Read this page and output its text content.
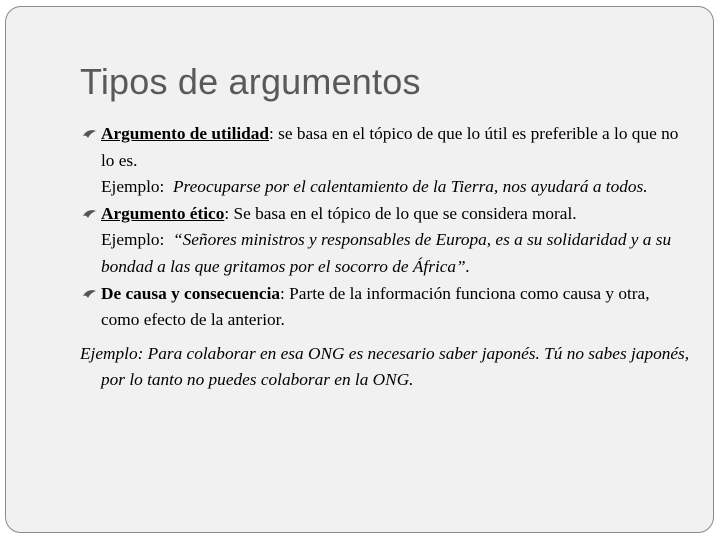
Tipos de argumentos

Argumento de utilidad: se basa en el tópico de que lo útil es preferible a lo que no lo es.

Ejemplo: Preocuparse por el calentamiento de la Tierra, nos ayudará a todos.

Argumento ético: Se basa en el tópico de lo que se considera moral.

Ejemplo: “Señores ministros y responsables de Europa, es a su solidaridad y a su bondad a las que gritamos por el socorro de África”.

De causa y consecuencia: Parte de la información funciona como causa y otra, como efecto de la anterior.

Ejemplo: Para colaborar en esa ONG es necesario saber japonés. Tú no sabes japonés, por lo tanto no puedes colaborar en la ONG.
